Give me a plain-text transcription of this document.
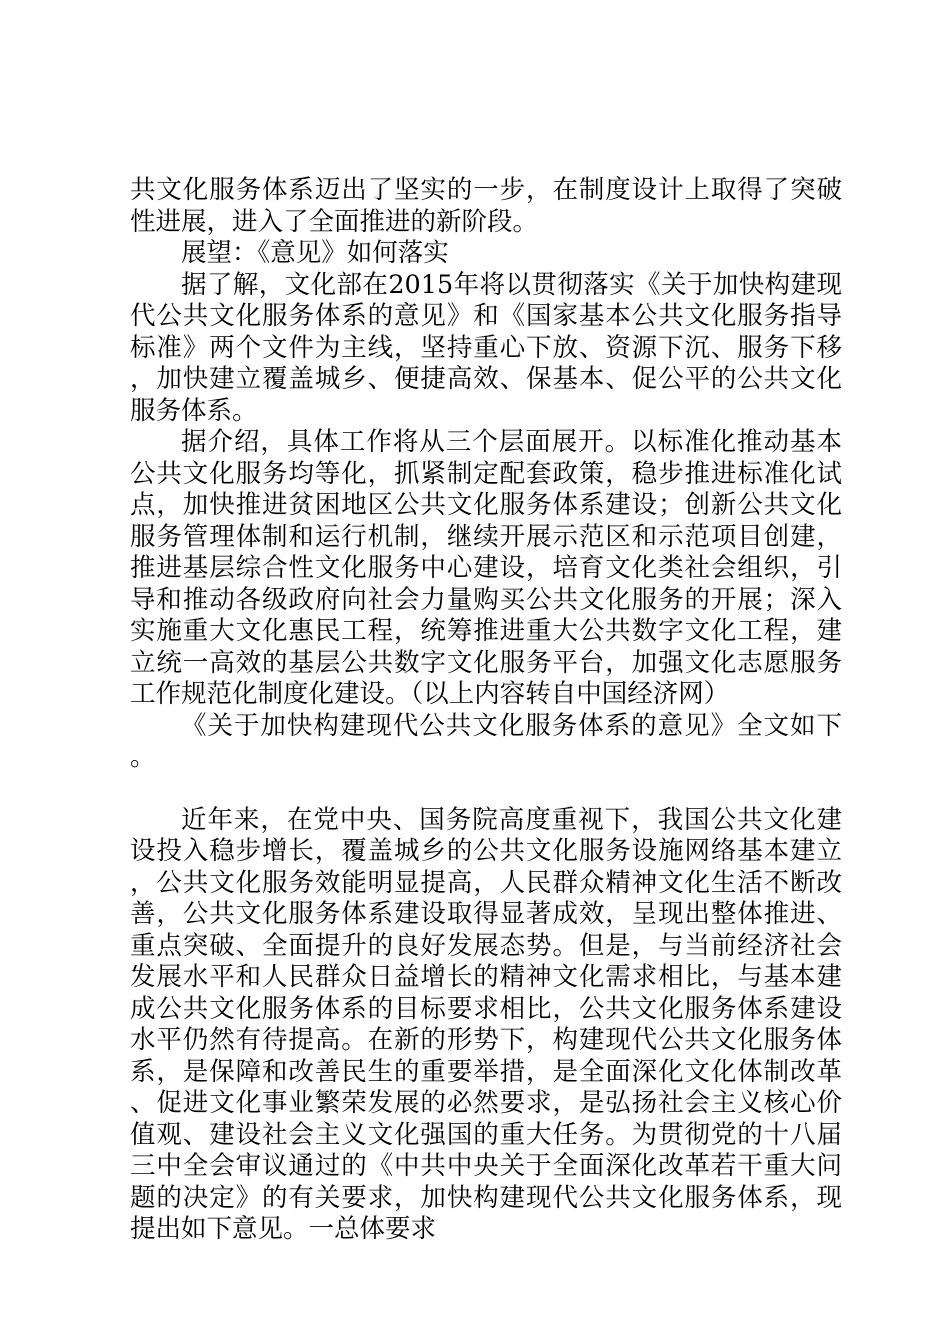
共文化服务体系迈出了坚实的一步，在制度设计上取得了突破性进展，进入了全面推进的新阶段。

展望：《意见》如何落实

据了解，文化部在2015年将以贯彻落实《关于加快构建现代公共文化服务体系的意见》和《国家基本公共文化服务指导标准》两个文件为主线，坚持重心下放、资源下沉、服务下移，加快建立覆盖城乡、便捷高效、保基本、促公平的公共文化服务体系。

据介绍，具体工作将从三个层面展开。以标准化推动基本公共文化服务均等化，抓紧制定配套政策，稳步推进标准化试点，加快推进贫困地区公共文化服务体系建设；创新公共文化服务管理体制和运行机制，继续开展示范区和示范项目创建，推进基层综合性文化服务中心建设，培育文化类社会组织，引导和推动各级政府向社会力量购买公共文化服务的开展；深入实施重大文化惠民工程，统筹推进重大公共数字文化工程，建立统一高效的基层公共数字文化服务平台，加强文化志愿服务工作规范化制度化建设。（以上内容转自中国经济网）

《关于加快构建现代公共文化服务体系的意见》全文如下。

近年来，在党中央、国务院高度重视下，我国公共文化建设投入稳步增长，覆盖城乡的公共文化服务设施网络基本建立，公共文化服务效能明显提高，人民群众精神文化生活不断改善，公共文化服务体系建设取得显著成效，呈现出整体推进、重点突破、全面提升的良好发展态势。但是，与当前经济社会发展水平和人民群众日益增长的精神文化需求相比，与基本建成公共文化服务体系的目标要求相比，公共文化服务体系建设水平仍然有待提高。在新的形势下，构建现代公共文化服务体系，是保障和改善民生的重要举措，是全面深化文化体制改革、促进文化事业繁荣发展的必然要求，是弘扬社会主义核心价值观、建设社会主义文化强国的重大任务。为贯彻党的十八届三中全会审议通过的《中共中央关于全面深化改革若干重大问题的决定》的有关要求，加快构建现代公共文化服务体系，现提出如下意见。一总体要求
